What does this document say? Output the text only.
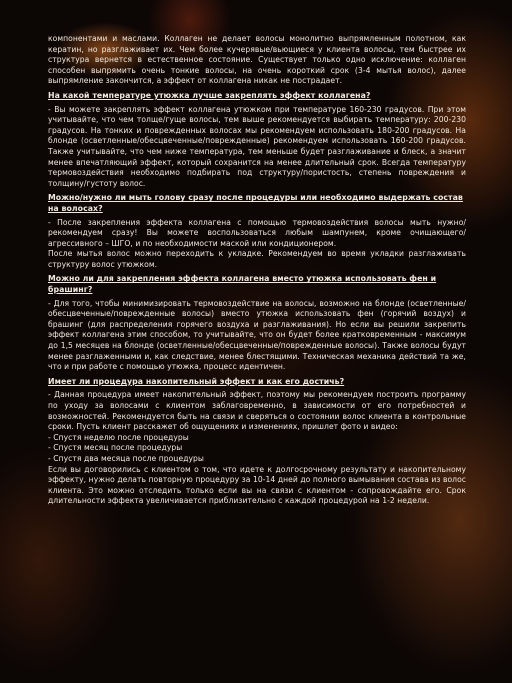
компонентами и маслами. Коллаген не делает волосы монолитно выпрямленным полотном, как кератин, но разглаживает их. Чем более кучерявые/вьющиеся у клиента волосы, тем быстрее их структура вернется в естественное состояние. Существует только одно исключение: коллаген способен выпрямить очень тонкие волосы, на очень короткий срок (3-4 мытья волос), далее выпрямление закончится, а эффект от коллагена никак не пострадает.

На какой температуре утюжка лучше закреплять эффект коллагена?

- Вы можете закреплять эффект коллагена утюжком при температуре 160-230 градусов. При этом учитывайте, что чем толще/гуще волосы, тем выше рекомендуется выбирать температуру: 200-230 градусов. На тонких и поврежденных волосах мы рекомендуем использовать 180-200 градусов. На блонде (осветленные/обесцвеченные/поврежденные) рекомендуем использовать 160-200 градусов. Также учитывайте, что чем ниже температура, тем меньше будет разглаживание и блеск, а значит менее впечатляющий эффект, который сохранится на менее длительный срок. Всегда температуру термовоздействия необходимо подбирать под структуру/пористость, степень повреждения и толщину/густоту волос.

Можно/нужно ли мыть голову сразу после процедуры или необходимо выдержать состав на волосах?

- После закрепления эффекта коллагена с помощью термовоздействия волосы мыть нужно/рекомендуем сразу! Вы можете воспользоваться любым шампунем, кроме очищающего/агрессивного – ШГО, и по необходимости маской или кондиционером.

После мытья волос можно переходить к укладке. Рекомендуем во время укладки разглаживать структуру волос утюжком.

Можно ли для закрепления эффекта коллагена вместо утюжка использовать фен и брашинг?

- Для того, чтобы минимизировать термовоздействие на волосы, возможно на блонде (осветленные/обесцвеченные/поврежденные волосы) вместо утюжка использовать фен (горячий воздух) и брашинг (для распределения горячего воздуха и разглаживания). Но если вы решили закрепить эффект коллагена этим способом, то учитывайте, что он будет более кратковременным - максимум до 1,5 месяцев на блонде (осветленные/обесцвеченные/поврежденные волосы). Также волосы будут менее разглаженными и, как следствие, менее блестящими. Техническая механика действий та же, что и при работе с помощью утюжка, процесс идентичен.

Имеет ли процедура накопительный эффект и как его достичь?

- Данная процедура имеет накопительный эффект, поэтому мы рекомендуем построить программу по уходу за волосами с клиентом заблаговременно, в зависимости от его потребностей и возможностей. Рекомендуется быть на связи и сверяться о состоянии волос клиента в контрольные сроки. Пусть клиент расскажет об ощущениях и изменениях, пришлет фото и видео:

- Спустя неделю после процедуры

- Спустя месяц после процедуры

- Спустя два месяца после процедуры

Если вы договорились с клиентом о том, что идете к долгосрочному результату и накопительному эффекту, нужно делать повторную процедуру за 10-14 дней до полного вымывания состава из волос клиента. Это можно отследить только если вы на связи с клиентом - сопровождайте его. Срок длительности эффекта увеличивается приблизительно с каждой процедурой на 1-2 недели.
